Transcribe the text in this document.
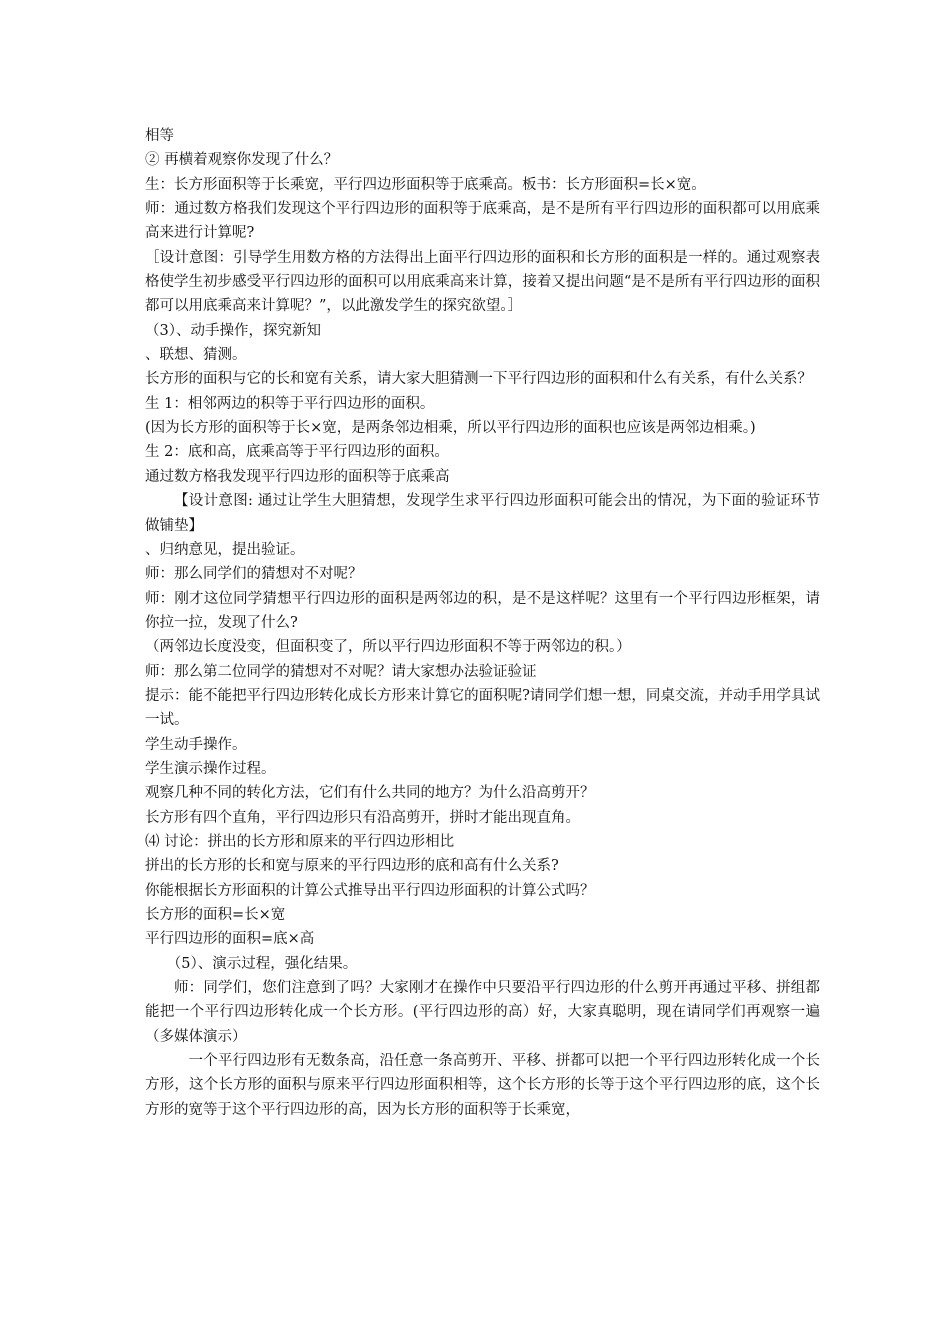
相等

② 再横着观察你发现了什么？

生：长方形面积等于长乘宽，平行四边形面积等于底乘高。板书：长方形面积=长×宽。

师：通过数方格我们发现这个平行四边形的面积等于底乘高，是不是所有平行四边形的面积都可以用底乘高来进行计算呢?

［设计意图：引导学生用数方格的方法得出上面平行四边形的面积和长方形的面积是一样的。通过观察表格使学生初步感受平行四边形的面积可以用底乘高来计算，接着又提出问题“是不是所有平行四边形的面积都可以用底乘高来计算呢？”，以此激发学生的探究欲望。］

（3）、动手操作，探究新知

、联想、猜测。

长方形的面积与它的长和宽有关系，请大家大胆猜测一下平行四边形的面积和什么有关系，有什么关系？

生 1：相邻两边的积等于平行四边形的面积。

(因为长方形的面积等于长×宽，是两条邻边相乘，所以平行四边形的面积也应该是两邻边相乘。)

生 2：底和高，底乘高等于平行四边形的面积。

通过数方格我发现平行四边形的面积等于底乘高

【设计意图: 通过让学生大胆猜想，发现学生求平行四边形面积可能会出的情况，为下面的验证环节做铺垫】

、归纳意见，提出验证。

师：那么同学们的猜想对不对呢？

师：刚才这位同学猜想平行四边形的面积是两邻边的积，是不是这样呢？这里有一个平行四边形框架，请你拉一拉，发现了什么?

（两邻边长度没变，但面积变了，所以平行四边形面积不等于两邻边的积。）

师：那么第二位同学的猜想对不对呢？请大家想办法验证验证

提示：能不能把平行四边形转化成长方形来计算它的面积呢?请同学们想一想，同桌交流，并动手用学具试一试。

学生动手操作。

学生演示操作过程。

观察几种不同的转化方法，它们有什么共同的地方？为什么沿高剪开？

长方形有四个直角，平行四边形只有沿高剪开，拼时才能出现直角。

⑷ 讨论：拼出的长方形和原来的平行四边形相比

拼出的长方形的长和宽与原来的平行四边形的底和高有什么关系?

你能根据长方形面积的计算公式推导出平行四边形面积的计算公式吗？

长方形的面积=长×宽

平行四边形的面积=底×高

（5）、演示过程，强化结果。

师：同学们，您们注意到了吗？大家刚才在操作中只要沿平行四边形的什么剪开再通过平移、拼组都能把一个平行四边形转化成一个长方形。(平行四边形的高）好，大家真聪明，现在请同学们再观察一遍（多媒体演示）

一个平行四边形有无数条高，沿任意一条高剪开、平移、拼都可以把一个平行四边形转化成一个长方形，这个长方形的面积与原来平行四边形面积相等，这个长方形的长等于这个平行四边形的底，这个长方形的宽等于这个平行四边形的高，因为长方形的面积等于长乘宽，
